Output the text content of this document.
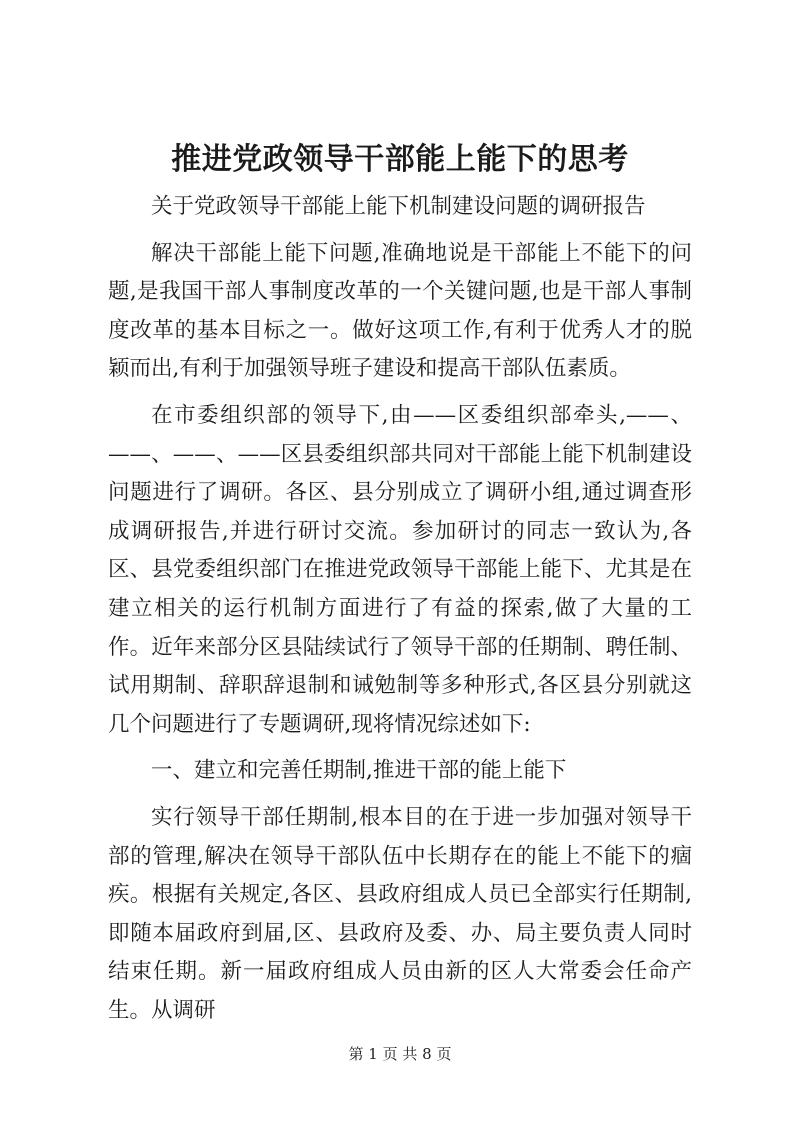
推进党政领导干部能上能下的思考

关于党政领导干部能上能下机制建设问题的调研报告

解决干部能上能下问题,准确地说是干部能上不能下的问题,是我国干部人事制度改革的一个关键问题,也是干部人事制度改革的基本目标之一。做好这项工作,有利于优秀人才的脱颖而出,有利于加强领导班子建设和提高干部队伍素质。

在市委组织部的领导下,由——区委组织部牵头,——、——、——、——区县委组织部共同对干部能上能下机制建设问题进行了调研。各区、县分别成立了调研小组,通过调查形成调研报告,并进行研讨交流。参加研讨的同志一致认为,各区、县党委组织部门在推进党政领导干部能上能下、尤其是在建立相关的运行机制方面进行了有益的探索,做了大量的工作。近年来部分区县陆续试行了领导干部的任期制、聘任制、试用期制、辞职辞退制和诫勉制等多种形式,各区县分别就这几个问题进行了专题调研,现将情况综述如下:

一、建立和完善任期制,推进干部的能上能下

实行领导干部任期制,根本目的在于进一步加强对领导干部的管理,解决在领导干部队伍中长期存在的能上不能下的痼疾。根据有关规定,各区、县政府组成人员已全部实行任期制,即随本届政府到届,区、县政府及委、办、局主要负责人同时结束任期。新一届政府组成人员由新的区人大常委会任命产生。从调研

第 1 页 共 8 页
